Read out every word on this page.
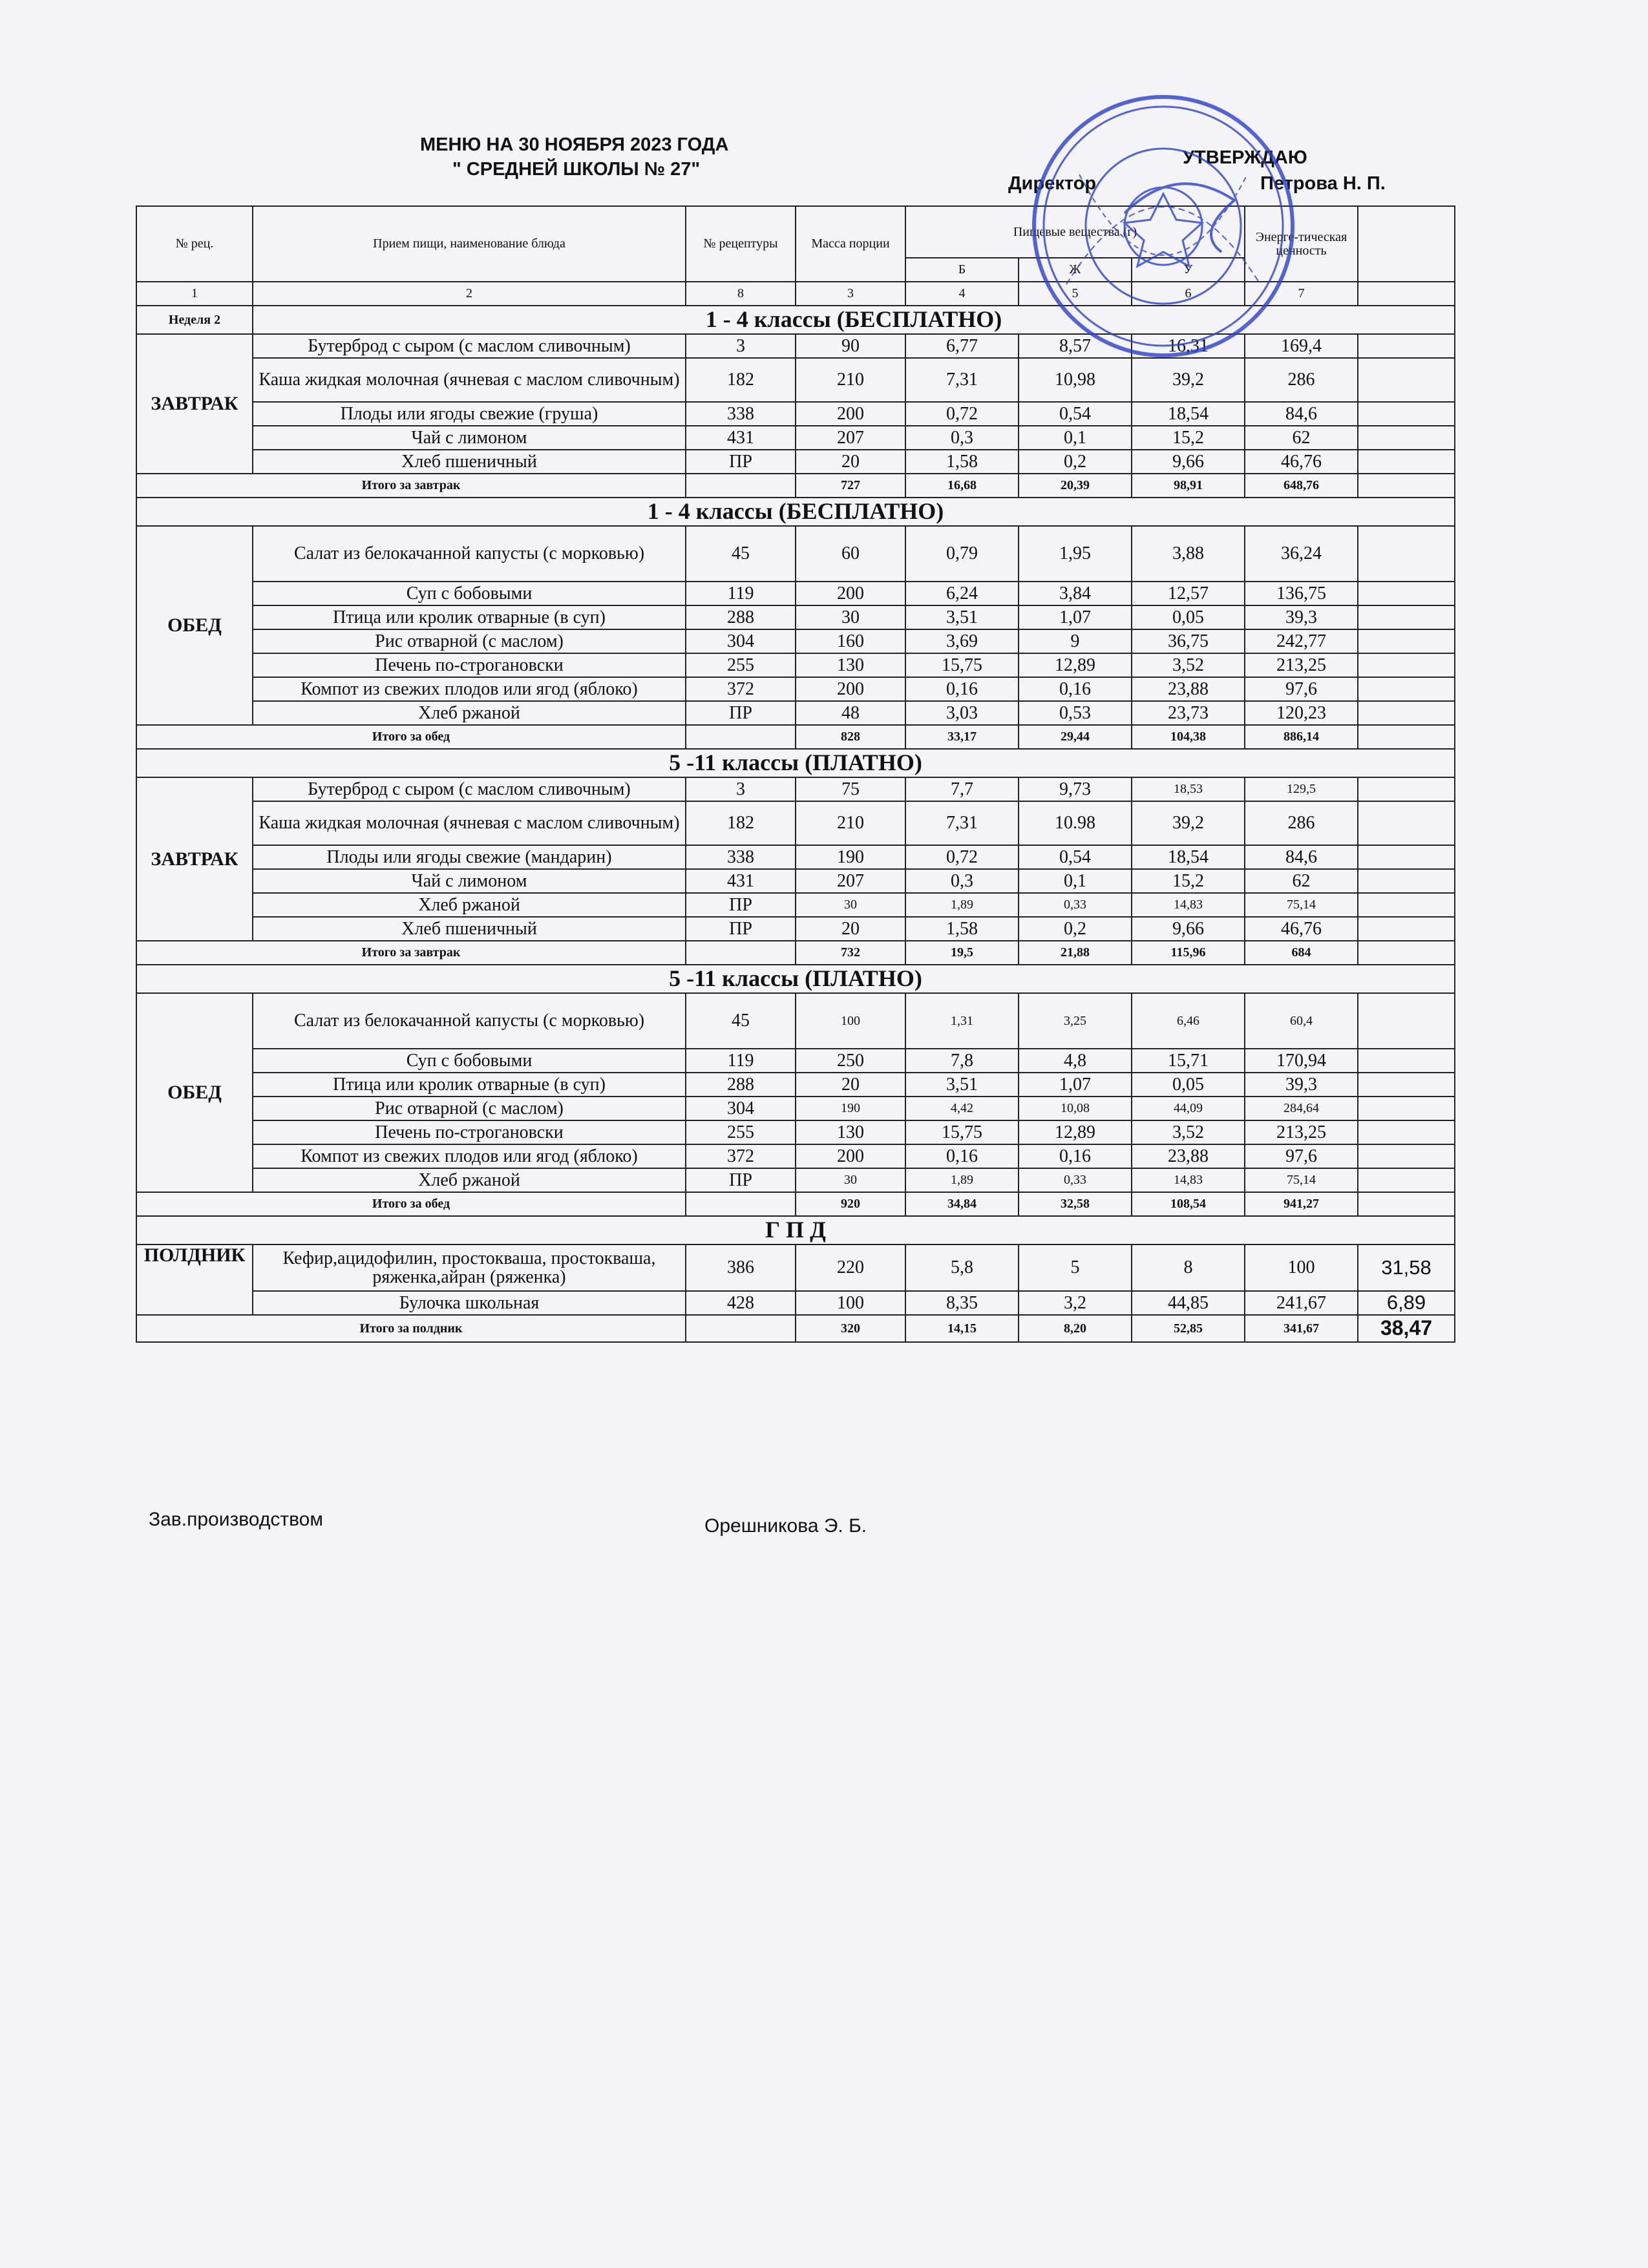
МЕНЮ НА 30 НОЯБРЯ 2023 ГОДА
" СРЕДНЕЙ ШКОЛЫ № 27"
УТВЕРЖДАЮ
Директор	Петрова Н. П.
№ рец.	Прием пищи, наименование блюда	№ рецептуры	Масса порции	Пищевые вещества (г)			Энерге-тическая ценность	
				Б	Ж	У		
1	2	8	3	4	5	6	7	
Неделя 2	1 - 4 классы (БЕСПЛАТНО)							
ЗАВТРАК	Бутерброд с сыром (с маслом сливочным)	3	90	6,77	8,57	16,31	169,4	
	Каша жидкая молочная (ячневая с маслом сливочным)	182	210	7,31	10,98	39,2	286	
	Плоды или ягоды свежие (груша)	338	200	0,72	0,54	18,54	84,6	
	Чай с лимоном	431	207	0,3	0,1	15,2	62	
	Хлеб пшеничный	ПР	20	1,58	0,2	9,66	46,76	
Итого за завтрак			727	16,68	20,39	98,91	648,76	
1 - 4 классы (БЕСПЛАТНО)								
ОБЕД	Салат из белокачанной капусты (с морковью)	45	60	0,79	1,95	3,88	36,24	
	Суп с бобовыми	119	200	6,24	3,84	12,57	136,75	
	Птица или кролик отварные (в суп)	288	30	3,51	1,07	0,05	39,3	
	Рис отварной (с маслом)	304	160	3,69	9	36,75	242,77	
	Печень по-строгановски	255	130	15,75	12,89	3,52	213,25	
	Компот из свежих плодов или ягод (яблоко)	372	200	0,16	0,16	23,88	97,6	
	Хлеб ржаной	ПР	48	3,03	0,53	23,73	120,23	
Итого за обед			828	33,17	29,44	104,38	886,14	
5 -11 классы (ПЛАТНО)								
ЗАВТРАК	Бутерброд с сыром (с маслом сливочным)	3	75	7,7	9,73	18,53	129,5	
	Каша жидкая молочная (ячневая с маслом сливочным)	182	210	7,31	10.98	39,2	286	
	Плоды или ягоды свежие (мандарин)	338	190	0,72	0,54	18,54	84,6	
	Чай с лимоном	431	207	0,3	0,1	15,2	62	
	Хлеб ржаной	ПР	30	1,89	0,33	14,83	75,14	
	Хлеб пшеничный	ПР	20	1,58	0,2	9,66	46,76	
Итого за завтрак			732	19,5	21,88	115,96	684	
5 -11 классы (ПЛАТНО)								
ОБЕД	Салат из белокачанной капусты (с морковью)	45	100	1,31	3,25	6,46	60,4	
	Суп с бобовыми	119	250	7,8	4,8	15,71	170,94	
	Птица или кролик отварные (в суп)	288	20	3,51	1,07	0,05	39,3	
	Рис отварной (с маслом)	304	190	4,42	10,08	44,09	284,64	
	Печень по-строгановски	255	130	15,75	12,89	3,52	213,25	
	Компот из свежих плодов или ягод (яблоко)	372	200	0,16	0,16	23,88	97,6	
	Хлеб ржаной	ПР	30	1,89	0,33	14,83	75,14	
Итого за обед			920	34,84	32,58	108,54	941,27	
Г П Д								
ПОЛДНИК	Кефир,ацидофилин, простокваша, простокваша, ряженка,айран (ряженка)	386	220	5,8	5	8	100	31,58
	Булочка школьная	428	100	8,35	3,2	44,85	241,67	6,89
Итого за полдник			320	14,15	8,20	52,85	341,67	38,47
Зав.производством	Орешникова Э. Б.
